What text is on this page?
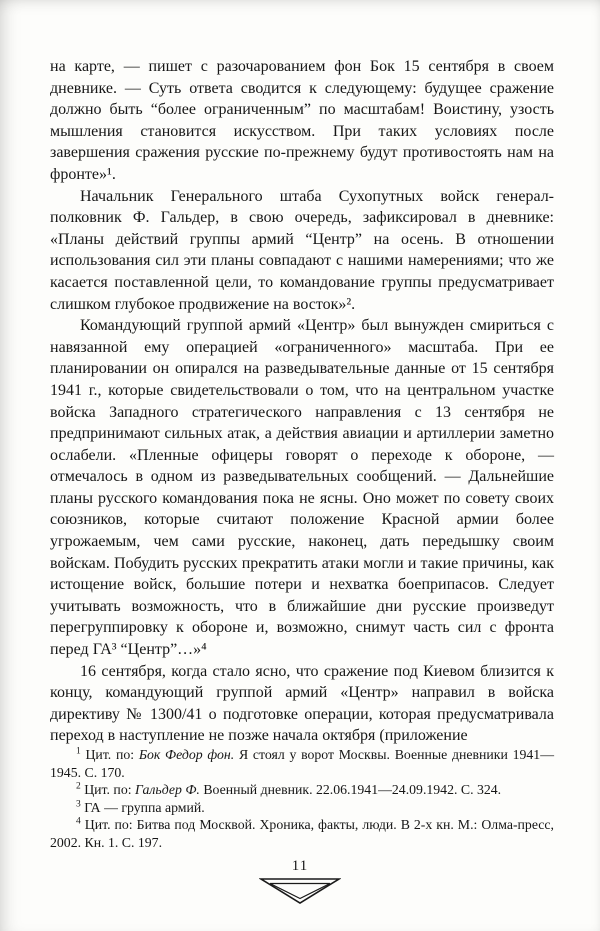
на карте, — пишет с разочарованием фон Бок 15 сентября в своем дневнике. — Суть ответа сводится к следующему: будущее сражение должно быть “более ограниченным” по масштабам! Воистину, узость мышления становится искусством. При таких условиях после завершения сражения русские по-прежнему будут противостоять нам на фронте»¹.

Начальник Генерального штаба Сухопутных войск генерал-полковник Ф. Гальдер, в свою очередь, зафиксировал в дневнике: «Планы действий группы армий “Центр” на осень. В отношении использования сил эти планы совпадают с нашими намерениями; что же касается поставленной цели, то командование группы предусматривает слишком глубокое продвижение на восток»².

Командующий группой армий «Центр» был вынужден смириться с навязанной ему операцией «ограниченного» масштаба. При ее планировании он опирался на разведывательные данные от 15 сентября 1941 г., которые свидетельствовали о том, что на центральном участке войска Западного стратегического направления с 13 сентября не предпринимают сильных атак, а действия авиации и артиллерии заметно ослабели. «Пленные офицеры говорят о переходе к обороне, — отмечалось в одном из разведывательных сообщений. — Дальнейшие планы русского командования пока не ясны. Оно может по совету своих союзников, которые считают положение Красной армии более угрожаемым, чем сами русские, наконец, дать передышку своим войскам. Побудить русских прекратить атаки могли и такие причины, как истощение войск, большие потери и нехватка боеприпасов. Следует учитывать возможность, что в ближайшие дни русские произведут перегруппировку к обороне и, возможно, снимут часть сил с фронта перед ГА³ “Центр”…»⁴

16 сентября, когда стало ясно, что сражение под Киевом близится к концу, командующий группой армий «Центр» направил в войска директиву № 1300/41 о подготовке операции, которая предусматривала переход в наступление не позже начала октября (приложение

$^1$ Цит. по: Бок Федор фон. Я стоял у ворот Москвы. Военные дневники 1941—1945. С. 170.

$^2$ Цит. по: Гальдер Ф. Военный дневник. 22.06.1941—24.09.1942. С. 324.

$^3$ ГА — группа армий.

$^4$ Цит. по: Битва под Москвой. Хроника, факты, люди. В 2-х кн. М.: Олма-пресс, 2002. Кн. 1. С. 197.

11
